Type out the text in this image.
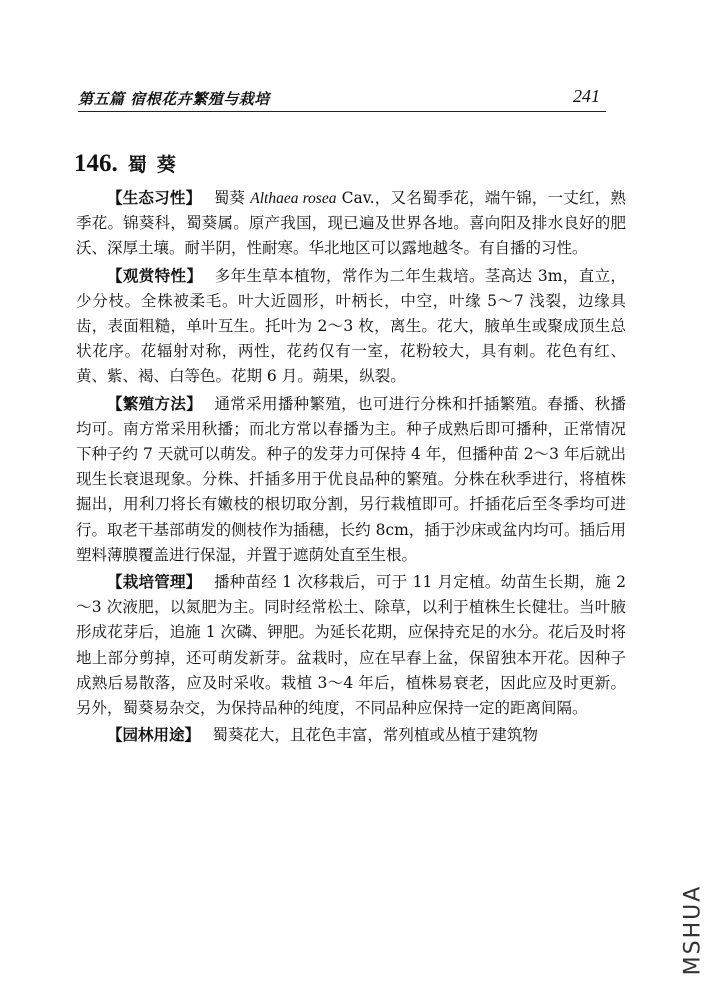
第五篇 宿根花卉繁殖与栽培	241
146. 蜀葵

【生态习性】 蜀葵 Althaea rosea Cav.，又名蜀季花，端午锦，一丈红，熟季花。锦葵科，蜀葵属。原产我国，现已遍及世界各地。喜向阳及排水良好的肥沃、深厚土壤。耐半阴，性耐寒。华北地区可以露地越冬。有自播的习性。

【观赏特性】 多年生草本植物，常作为二年生栽培。茎高达 3m，直立，少分枝。全株被柔毛。叶大近圆形，叶柄长，中空，叶缘 5～7 浅裂，边缘具齿，表面粗糙，单叶互生。托叶为 2～3 枚，离生。花大，腋单生或聚成顶生总状花序。花辐射对称，两性，花药仅有一室，花粉较大，具有刺。花色有红、黄、紫、褐、白等色。花期 6 月。蒴果，纵裂。

【繁殖方法】 通常采用播种繁殖，也可进行分株和扦插繁殖。春播、秋播均可。南方常采用秋播；而北方常以春播为主。种子成熟后即可播种，正常情况下种子约 7 天就可以萌发。种子的发芽力可保持 4 年，但播种苗 2～3 年后就出现生长衰退现象。分株、扦插多用于优良品种的繁殖。分株在秋季进行，将植株掘出，用利刀将长有嫩枝的根切取分割，另行栽植即可。扦插花后至冬季均可进行。取老干基部萌发的侧枝作为插穗，长约 8cm，插于沙床或盆内均可。插后用塑料薄膜覆盖进行保湿，并置于遮荫处直至生根。

【栽培管理】 播种苗经 1 次移栽后，可于 11 月定植。幼苗生长期，施 2～3 次液肥，以氮肥为主。同时经常松土、除草，以利于植株生长健壮。当叶腋形成花芽后，追施 1 次磷、钾肥。为延长花期，应保持充足的水分。花后及时将地上部分剪掉，还可萌发新芽。盆栽时，应在早春上盆，保留独本开花。因种子成熟后易散落，应及时采收。栽植 3～4 年后，植株易衰老，因此应及时更新。另外，蜀葵易杂交，为保持品种的纯度，不同品种应保持一定的距离间隔。

【园林用途】 蜀葵花大，且花色丰富，常列植或丛植于建筑物

MSHUA
